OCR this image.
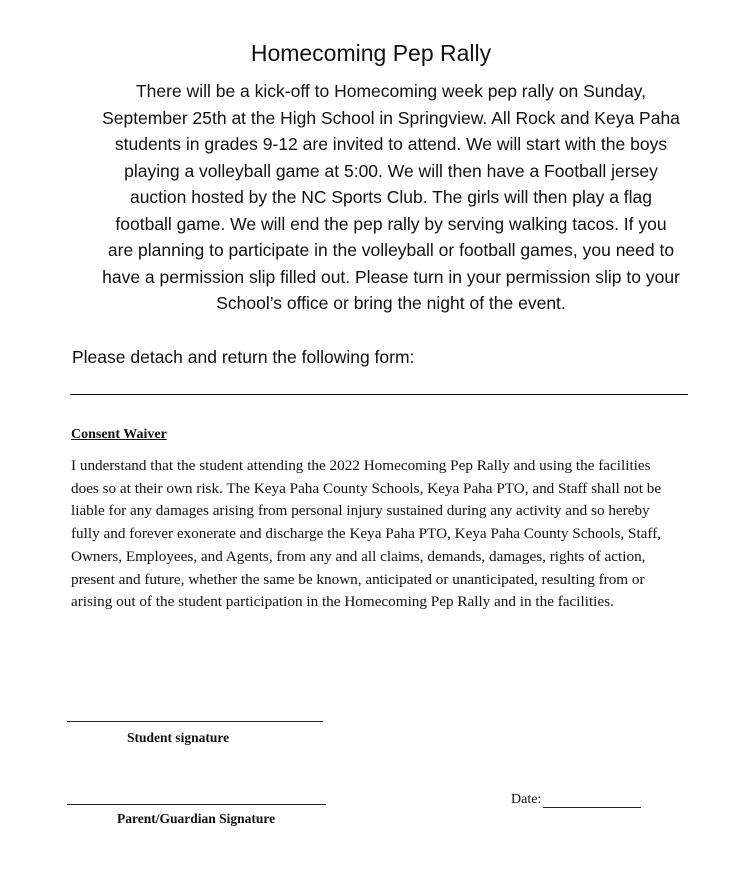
Homecoming Pep Rally
There will be a kick-off to Homecoming week pep rally on Sunday,
September 25th at the High School in Springview. All Rock and Keya Paha
students in grades 9-12 are invited to attend. We will start with the boys
playing a volleyball game at 5:00. We will then have a Football jersey
auction hosted by the NC Sports Club. The girls will then play a flag
football game. We will end the pep rally by serving walking tacos. If you
are planning to participate in the volleyball or football games, you need to
have a permission slip filled out. Please turn in your permission slip to your
School’s office or bring the night of the event.
Please detach and return the following form:
Consent Waiver
I understand that the student attending the 2022 Homecoming Pep Rally and using the facilities
does so at their own risk. The Keya Paha County Schools, Keya Paha PTO, and Staff shall not be
liable for any damages arising from personal injury sustained during any activity and so hereby
fully and forever exonerate and discharge the Keya Paha PTO, Keya Paha County Schools, Staff,
Owners, Employees, and Agents, from any and all claims, demands, damages, rights of action,
present and future, whether the same be known, anticipated or unanticipated, resulting from or
arising out of the student participation in the Homecoming Pep Rally and in the facilities.
Student signature
Parent/Guardian Signature
Date:
